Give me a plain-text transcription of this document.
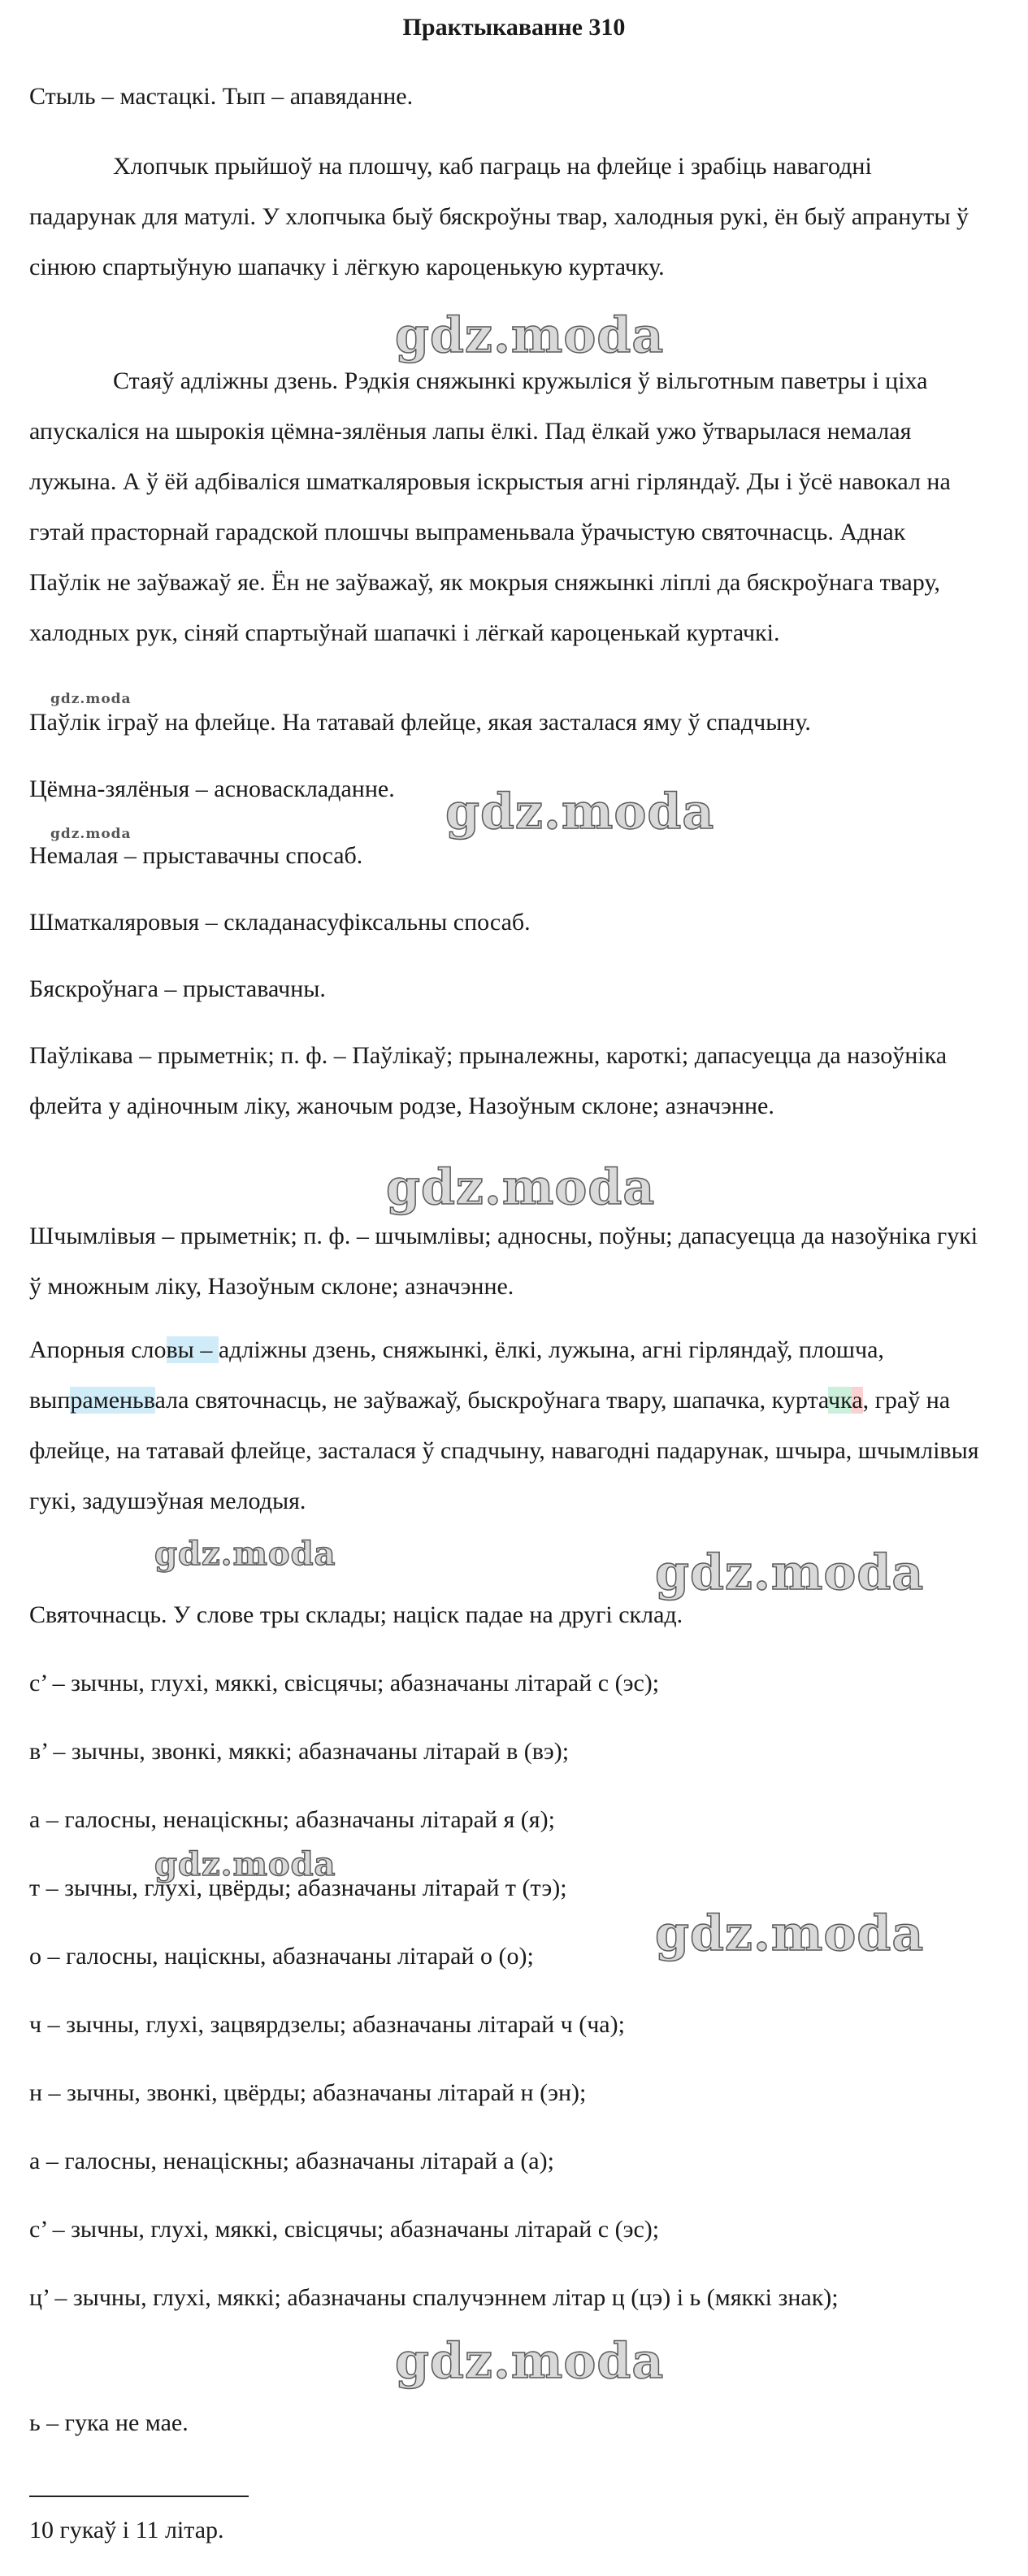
Практыкаванне 310

Стыль – мастацкі. Тып – апавяданне.

Хлопчык прыйшоў на плошчу, каб паграць на флейце і зрабіць навагодні падарунак для матулі. У хлопчыка быў бяскроўны твар, халодныя рукі, ён быў апрануты ў сінюю спартыўную шапачку і лёгкую кароценькую куртачку.

Стаяў адлiжны дзень. Рэдкiя сняжынкi кружылiся ў вільготным паветры і ціха апускаліся на шырокія цёмна-зялёныя лапы ёлкі. Пад ёлкай ужо ўтварылася немалая лужына. А ў ёй адбіваліся шматкаляровыя іскрыстыя агні гірляндаў. Ды і ўсё навокал на гэтай прасторнай гарадской плошчы выпраменьвала ўрачыстую святочнасць. Аднак Паўлік не заўважаў яе. Ён не заўважаў, як мокрыя сняжынкі ліплі да бяскроўнага твару, халодных рук, сіняй спартыўнай шапачкі і лёгкай кароценькай куртачкі.

Паўлік іграў на флейце. На татавай флейце, якая засталася яму ў спадчыну.

Цёмна-зялёныя – асноваскладанне.

Немалая – прыставачны спосаб.

Шматкаляровыя – складанасуфіксальны спосаб.

Бяскроўнага – прыставачны.

Паўлікава – прыметнік; п. ф. – Паўлікаў; прыналежны, кароткі; дапасуецца да назоўніка флейта у адіночным ліку, жаночым родзе, Назоўным склоне; азначэнне.

Шчымлівыя – прыметнік; п. ф. – шчымлівы; адносны, поўны; дапасуецца да назоўніка гукі ў множным ліку, Назоўным склоне; азначэнне.

Апорныя словы – адлiжны дзень, сняжынкі, ёлкі, лужына, агні гірляндаў, плошча, выпраменьвала святочнасць, не заўважаў, быскроўнага твару, шапачка, куртачка, граў на флейце, на татавай флейце, засталася ў спадчыну, навагодні падарунак, шчыра, шчымлівыя гукі, задушэўная мелодыя.

Святочнасць. У слове тры склады; націск падае на другі склад.

с’ – зычны, глухі, мяккі, свісцячы; абазначаны літарай с (эс);

в’ – зычны, звонкі, мяккі; абазначаны літарай в (вэ);

а – галосны, ненацiскны; абазначаны літарай я (я);

т – зычны, глухі, цвёрды; абазначаны літарай т (тэ);

о – галосны, націскны, абазначаны літарай о (о);

ч – зычны, глухі, зацвярдзелы; абазначаны літарай ч (ча);

н – зычны, звонкі, цвёрды; абазначаны літарай н (эн);

а – галосны, ненацiскны; абазначаны літарай а (а);

с’ – зычны, глухі, мяккі, свісцячы; абазначаны літарай с (эс);

ц’ – зычны, глухі, мяккі; абазначаны спалучэннем літар ц (цэ) і ь (мяккі знак);

ь – гука не мае.

10 гукаў і 11 літар.

gdz.moda
gdz.moda
gdz.moda	gdz.moda
gdz.moda
gdz.moda	gdz.moda
gdz.moda
gdz.moda
gdz.moda
